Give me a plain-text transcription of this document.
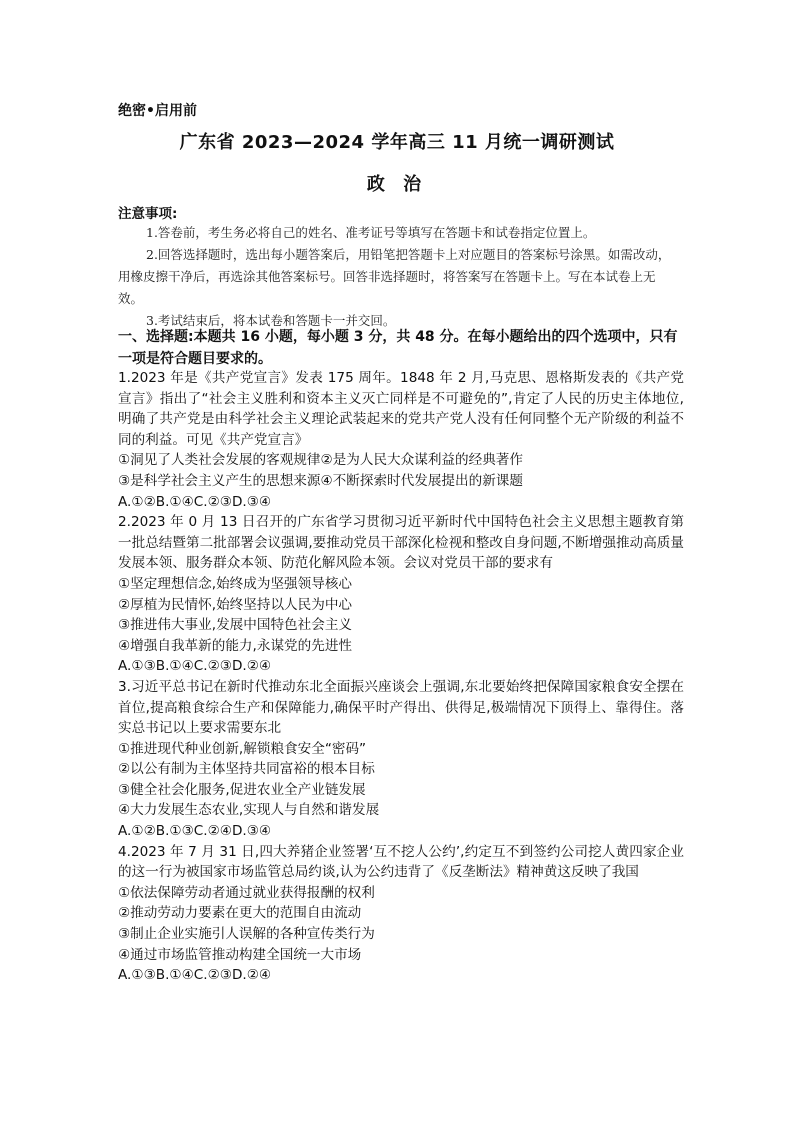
绝密•启用前
广东省 2023—2024 学年高三 11 月统一调研测试
政 治
注意事项:

1.答卷前，考生务必将自己的姓名、准考证号等填写在答题卡和试卷指定位置上。

2.回答选择题时，选出每小题答案后，用铅笔把答题卡上对应题目的答案标号涂黑。如需改动，用橡皮擦干净后，再选涂其他答案标号。回答非选择题时，将答案写在答题卡上。写在本试卷上无效。

3.考试结束后，将本试卷和答题卡一并交回。

一、选择题:本题共 16 小题，每小题 3 分，共 48 分。在每小题给出的四个选项中，只有一项是符合题目要求的。

1.2023 年是《共产党宣言》发表 175 周年。1848 年 2 月,马克思、恩格斯发表的《共产党宣言》指出了“社会主义胜利和资本主义灭亡同样是不可避免的”,肯定了人民的历史主体地位,明确了共产党是由科学社会主义理论武装起来的党共产党人没有任何同整个无产阶级的利益不同的利益。可见《共产党宣言》

①洞见了人类社会发展的客观规律②是为人民大众谋利益的经典著作

③是科学社会主义产生的思想来源④不断探索时代发展提出的新课题

A.①②B.①④C.②③D.③④

2.2023 年 0 月 13 日召开的广东省学习贯彻习近平新时代中国特色社会主义思想主题教育第一批总结暨第二批部署会议强调,要推动党员干部深化检视和整改自身问题,不断增强推动高质量发展本领、服务群众本领、防范化解风险本领。会议对党员干部的要求有

①坚定理想信念,始终成为坚强领导核心

②厚植为民情怀,始终坚持以人民为中心

③推进伟大事业,发展中国特色社会主义

④增强自我革新的能力,永谋党的先进性

A.①③B.①④C.②③D.②④

3.习近平总书记在新时代推动东北全面振兴座谈会上强调,东北要始终把保障国家粮食安全摆在首位,提高粮食综合生产和保障能力,确保平时产得出、供得足,极端情况下顶得上、靠得住。落实总书记以上要求需要东北

①推进现代种业创新,解锁粮食安全“密码”

②以公有制为主体坚持共同富裕的根本目标

③健全社会化服务,促进农业全产业链发展

④大力发展生态农业,实现人与自然和谐发展

A.①②B.①③C.②④D.③④

4.2023 年 7 月 31 日,四大养猪企业签署‘互不挖人公约’,约定互不到签约公司挖人黄四家企业的这一行为被国家市场监管总局约谈,认为公约违背了《反垄断法》精神黄这反映了我国

①依法保障劳动者通过就业获得报酬的权利

②推动劳动力要素在更大的范围自由流动

③制止企业实施引人误解的各种宣传类行为

④通过市场监管推动构建全国统一大市场

A.①③B.①④C.②③D.②④
